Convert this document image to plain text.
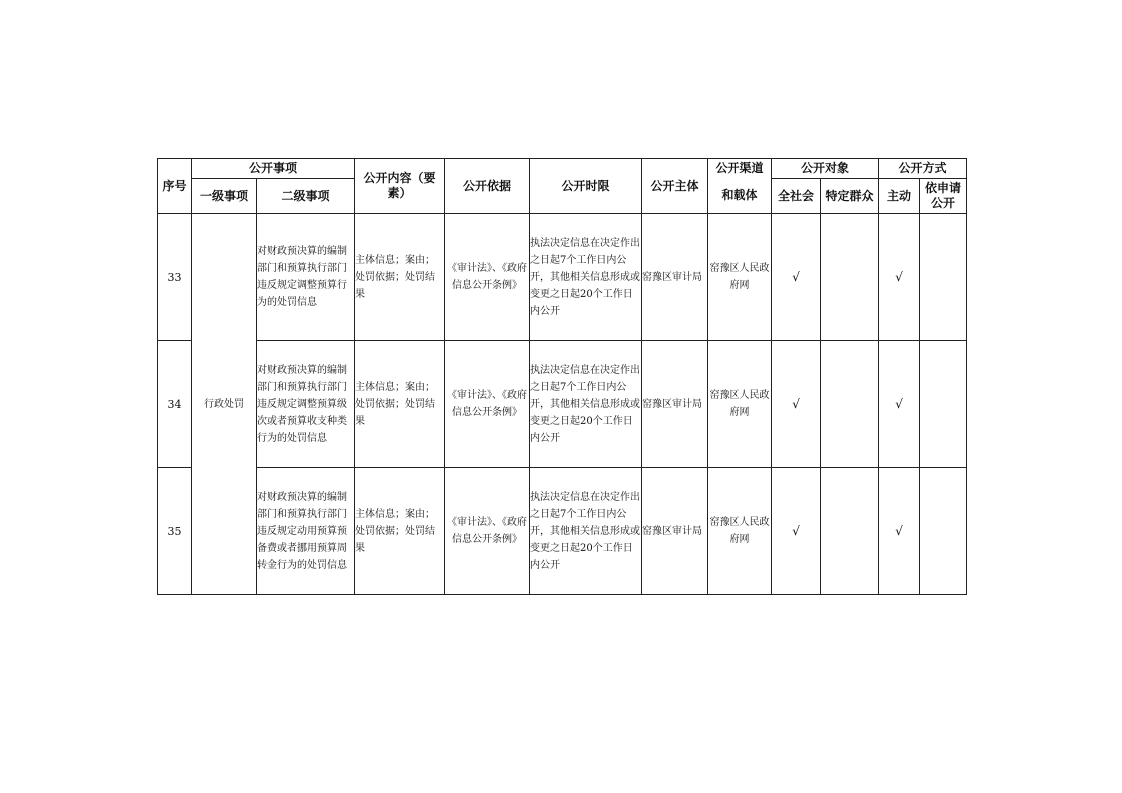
序号	公开事项		公开内容（要素）	公开依据	公开时限	公开主体	公开渠道	公开对象		公开方式	
	一级事项	二级事项					和载体	全社会	特定群众	主动	依申请公开
33	行政处罚	对财政预决算的编制部门和预算执行部门违反规定调整预算行为的处罚信息	主体信息；案由；处罚依据；处罚结果	《审计法》、《政府信息公开条例》	执法决定信息在决定作出之日起7个工作日内公开，其他相关信息形成或变更之日起20个工作日内公开	窑豫区审计局	窑豫区人民政府网	√		√	
34		对财政预决算的编制部门和预算执行部门违反规定调整预算级次或者预算收支种类行为的处罚信息	主体信息；案由；处罚依据；处罚结果	《审计法》、《政府信息公开条例》	执法决定信息在决定作出之日起7个工作日内公开，其他相关信息形成或变更之日起20个工作日内公开	窑豫区审计局	窑豫区人民政府网	√		√	
35		对财政预决算的编制部门和预算执行部门违反规定动用预算预备费或者挪用预算周转金行为的处罚信息	主体信息；案由；处罚依据；处罚结果	《审计法》、《政府信息公开条例》	执法决定信息在决定作出之日起7个工作日内公开，其他相关信息形成或变更之日起20个工作日内公开	窑豫区审计局	窑豫区人民政府网	√		√	
